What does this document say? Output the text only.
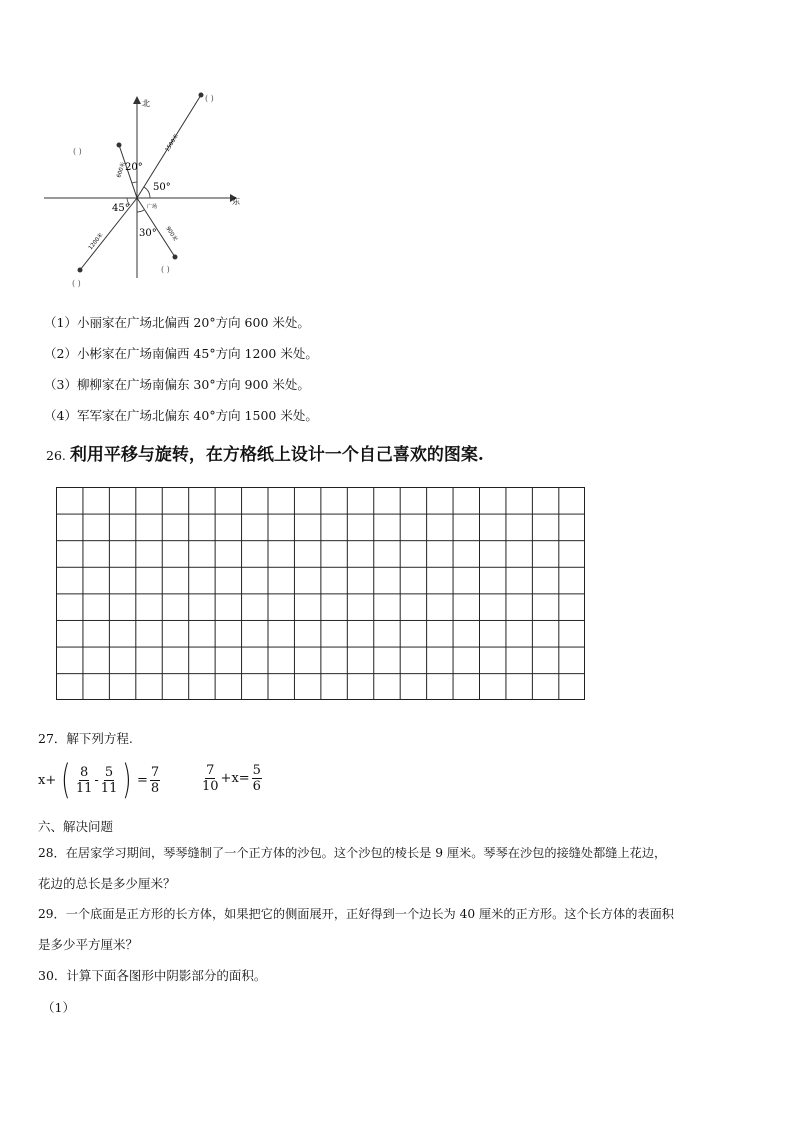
北
东
20°
50°
45°
30°
广场
1500米
600米
1200米	900米
( )
( )
( )
( )
（1）小丽家在广场北偏西 20°方向 600 米处。
（2）小彬家在广场南偏西 45°方向 1200 米处。
（3）柳柳家在广场南偏东 30°方向 900 米处。
（4）军军家在广场北偏东 40°方向 1500 米处。
26. 利用平移与旋转，在方格纸上设计一个自己喜欢的图案.
27．解下列方程.
x+ ( $\frac{8}{11} - \frac{5}{11}$ ) = $\frac{7}{8}$	$\frac{7}{10} +x= \frac{5}{6}$
六、解决问题
28．在居家学习期间，琴琴缝制了一个正方体的沙包。这个沙包的棱长是 9 厘米。琴琴在沙包的接缝处都缝上花边，
花边的总长是多少厘米？
29．一个底面是正方形的长方体，如果把它的侧面展开，正好得到一个边长为 40 厘米的正方形。这个长方体的表面积
是多少平方厘米？
30．计算下面各图形中阴影部分的面积。
（1）
